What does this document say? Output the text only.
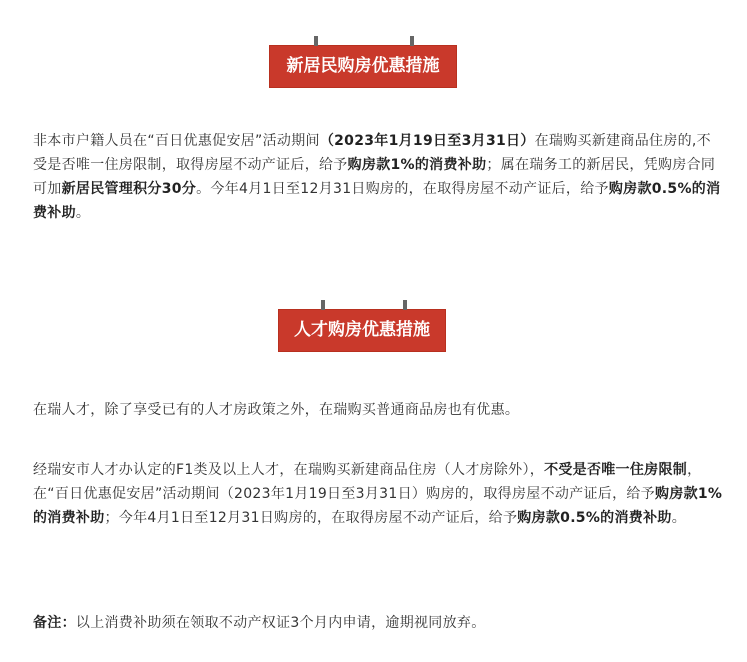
新居民购房优惠措施

非本市户籍人员在“百日优惠促安居”活动期间（2023年1月19日至3月31日）在瑞购买新建商品住房的,不受是否唯一住房限制，取得房屋不动产证后，给予购房款1%的消费补助；属在瑞务工的新居民，凭购房合同可加新居民管理积分30分。今年4月1日至12月31日购房的，在取得房屋不动产证后，给予购房款0.5%的消费补助。

人才购房优惠措施

在瑞人才，除了享受已有的人才房政策之外，在瑞购买普通商品房也有优惠。

经瑞安市人才办认定的F1类及以上人才，在瑞购买新建商品住房（人才房除外），不受是否唯一住房限制，在“百日优惠促安居”活动期间（2023年1月19日至3月31日）购房的，取得房屋不动产证后，给予购房款1%的消费补助；今年4月1日至12月31日购房的，在取得房屋不动产证后，给予购房款0.5%的消费补助。

备注：以上消费补助须在领取不动产权证3个月内申请，逾期视同放弃。
